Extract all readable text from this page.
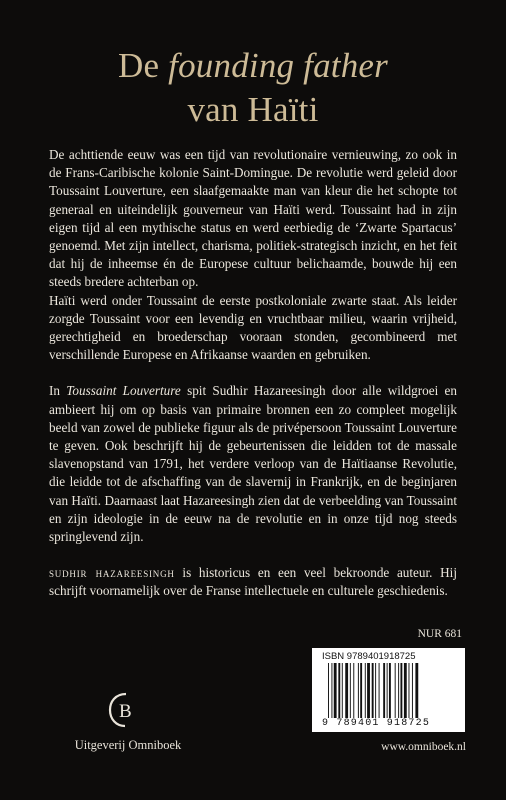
De founding father
van Haïti

De achttiende eeuw was een tijd van revolutionaire vernieuwing, zo ook in de Frans-Caribische kolonie Saint-Domingue. De revolutie werd geleid door Toussaint Louverture, een slaafgemaakte man van kleur die het schopte tot generaal en uiteindelijk gouverneur van Haïti werd. Toussaint had in zijn eigen tijd al een mythische status en werd eerbiedig de ‘Zwarte Spartacus’ genoemd. Met zijn intellect, charisma, politiek-strategisch inzicht, en het feit dat hij de inheemse én de Europese cultuur belichaamde, bouwde hij een steeds bredere achterban op.

Haïti werd onder Toussaint de eerste postkoloniale zwarte staat. Als leider zorgde Toussaint voor een levendig en vruchtbaar milieu, waarin vrijheid, gerechtigheid en broederschap vooraan stonden, gecombineerd met verschillende Europese en Afrikaanse waarden en gebruiken.

In Toussaint Louverture spit Sudhir Hazareesingh door alle wildgroei en ambieert hij om op basis van primaire bronnen een zo compleet mogelijk beeld van zowel de publieke figuur als de privépersoon Toussaint Louverture te geven. Ook beschrijft hij de gebeurtenissen die leidden tot de massale slavenopstand van 1791, het verdere verloop van de Haïtiaanse Revolutie, die leidde tot de afschaffing van de slavernij in Frankrijk, en de beginjaren van Haïti. Daarnaast laat Hazareesingh zien dat de verbeelding van Toussaint en zijn ideologie in de eeuw na de revolutie en in onze tijd nog steeds springlevend zijn.

sudhir hazareesingh is historicus en een veel bekroonde auteur. Hij schrijft voornamelijk over de Franse intellectuele en culturele geschiedenis.

NUR 681
ISBN 9789401918725
9 789401 918725
B
Uitgeverij Omniboek	www.omniboek.nl
